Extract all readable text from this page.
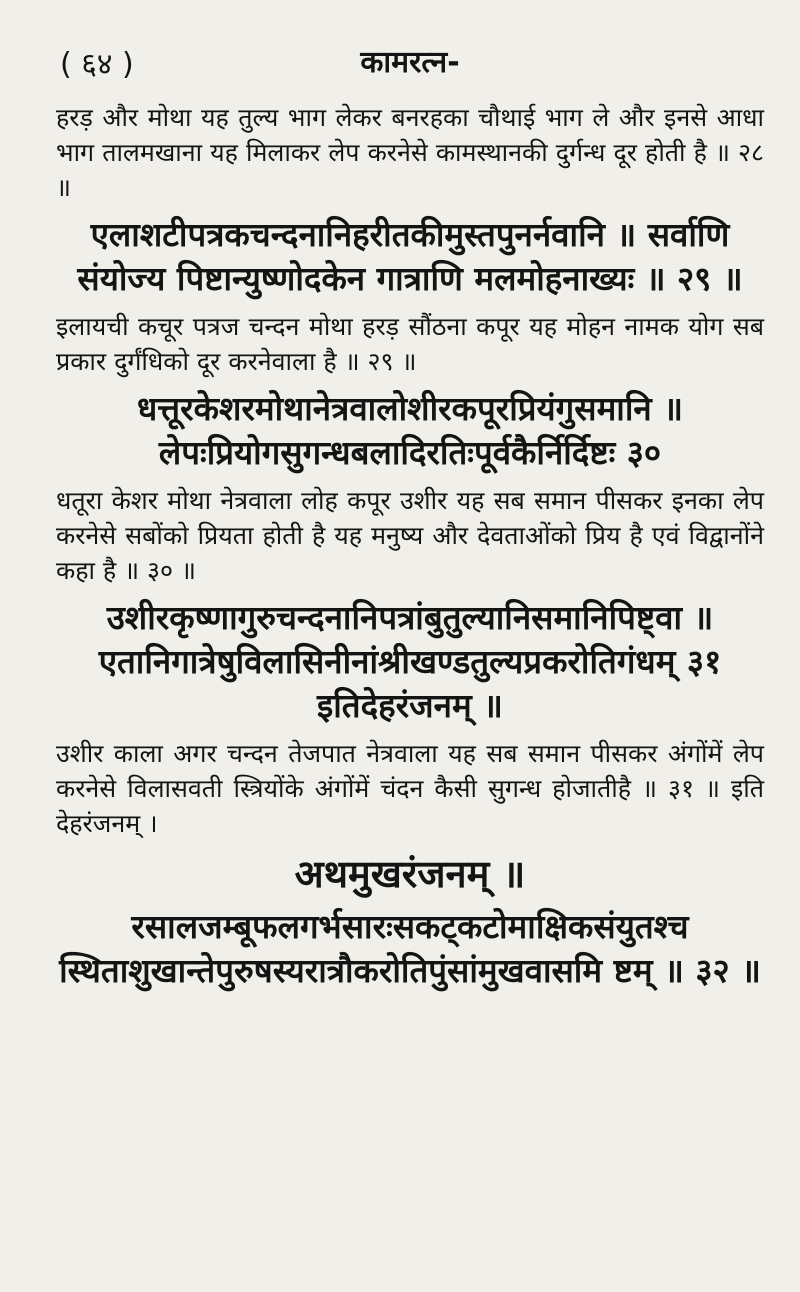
( ६४ )	कामरत्न-

हरड़ और मोथा यह तुल्य भाग लेकर बनरहका चौथाई भाग ले और इनसे आधा भाग तालमखाना यह मिलाकर लेप करनेसे कामस्थानकी दुर्गन्ध दूर होती है ॥ २८ ॥

एलाशटीपत्रकचन्दनानिहरीतकीमुस्तपुनर्नवानि ॥ सर्वाणि संयोज्य पिष्टान्युष्णोदकेन गात्राणि मलमोहनाख्यः ॥ २९ ॥

इलायची कचूर पत्रज चन्दन मोथा हरड़ सौंठना कपूर यह मोहन नामक योग सब प्रकार दुर्गंधिको दूर करनेवाला है ॥ २९ ॥

धत्तूरकेशरमोथानेत्रवालोशीरकपूरप्रियंगुसमानि ॥ लेपःप्रियोगसुगन्धबलादिरतिःपूर्वकैर्निर्दिष्टः ३०

धतूरा केशर मोथा नेत्रवाला लोह कपूर उशीर यह सब समान पीसकर इनका लेप करनेसे सबोंको प्रियता होती है यह मनुष्य और देवताओंको प्रिय है एवं विद्वानोंने कहा है ॥ ३० ॥

उशीरकृष्णागुरुचन्दनानिपत्रांबुतुल्यानिसमानिपिष्ट्वा ॥ एतानिगात्रेषुविलासिनीनांश्रीखण्डतुल्यप्रकरोतिगंधम् ३१ इतिदेहरंजनम् ॥

उशीर काला अगर चन्दन तेजपात नेत्रवाला यह सब समान पीसकर अंगोंमें लेप करनेसे विलासवती स्त्रियोंके अंगोंमें चंदन कैसी सुगन्ध होजातीहै ॥ ३१ ॥ इति देहरंजनम् ।

अथमुखरंजनम् ॥

रसालजम्बूफलगर्भसारःसकट्कटोमाक्षिकसंयुतश्च स्थिताशुखान्तेपुरुषस्यरात्रौकरोतिपुंसांमुखवासमि ष्टम् ॥ ३२ ॥
